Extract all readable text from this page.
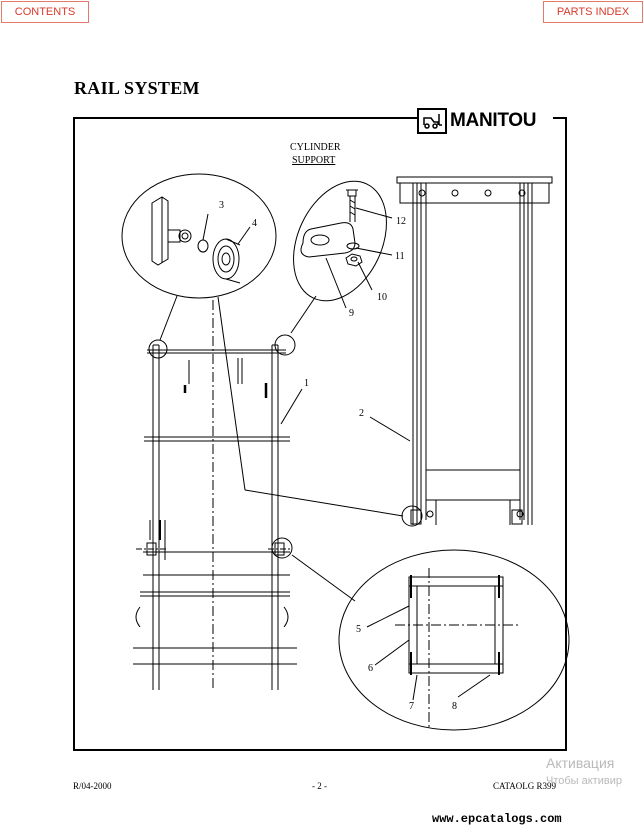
CONTENTS	PARTS INDEX
RAIL SYSTEM
CYLINDER
SUPPORT
1
2
3
4
5
6
7	8
9
10
11
12
MANITOU
R/04-2000	- 2 -	CATAOLG R399
Активация
Чтобы активир
www.epcatalogs.com
